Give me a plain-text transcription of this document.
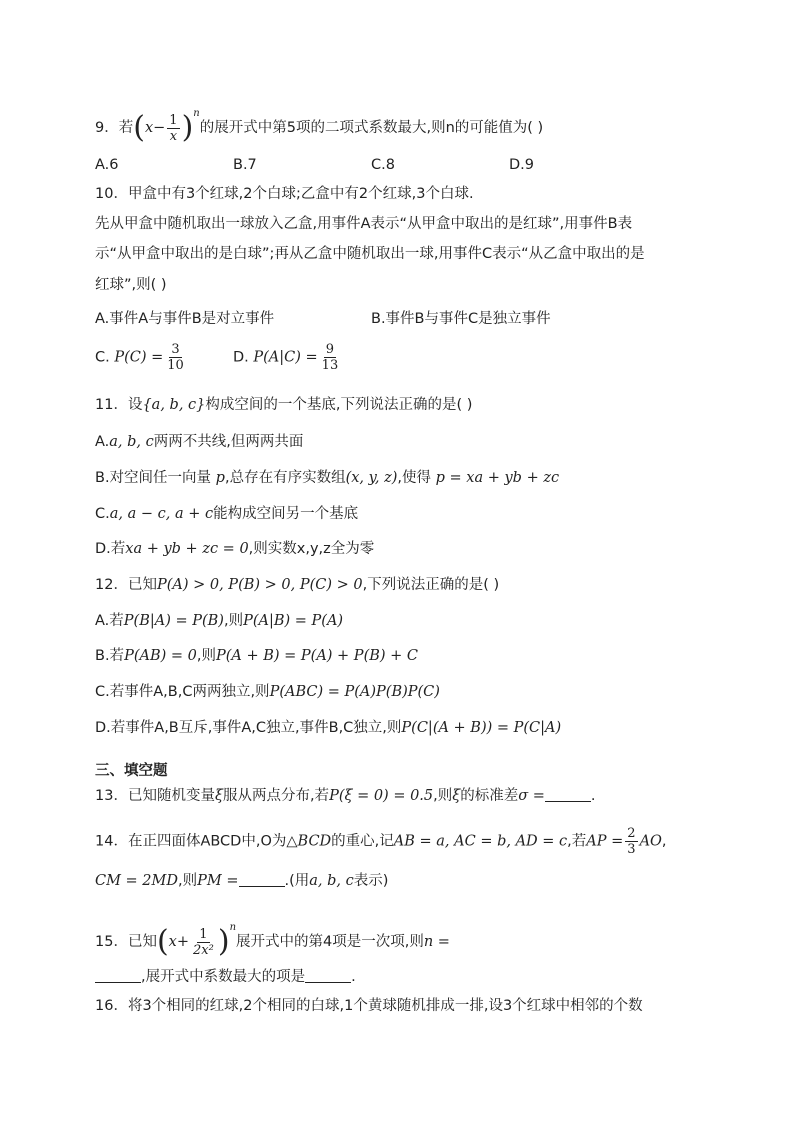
9．若$(x- \frac{1}{x} )^n$的展开式中第5项的二项式系数最大,则n的可能值为( )
A.6	B.7	C.8	D.9
10．甲盒中有3个红球,2个白球;乙盒中有2个红球,3个白球.
先从甲盒中随机取出一球放入乙盒,用事件A表示“从甲盒中取出的是红球”,用事件B表
示“从甲盒中取出的是白球”;再从乙盒中随机取出一球,用事件C表示“从乙盒中取出的是
红球”,则( )
A.事件A与事件B是对立事件	B.事件B与事件C是独立事件
C. $P(C) = \frac{3}{10}$	D. $P(A|C) = \frac{9}{13}$
11．设{a, b, c}构成空间的一个基底,下列说法正确的是( )
A.a, b, c两两不共线,但两两共面
B.对空间任一向量 p,总存在有序实数组(x, y, z),使得 p = xa + yb + zc
C.a, a − c, a + c能构成空间另一个基底
D.若xa + yb + zc = 0,则实数x,y,z全为零
12．已知P(A) > 0, P(B) > 0, P(C) > 0,下列说法正确的是( )
A.若P(B|A) = P(B),则P(A|B) = P(A)
B.若P(AB) = 0,则P(A + B) = P(A) + P(B) + C
C.若事件A,B,C两两独立,则P(ABC) = P(A)P(B)P(C)
D.若事件A,B互斥,事件A,C独立,事件B,C独立,则P(C|(A + B)) = P(C|A)
三、填空题
13．已知随机变量ξ服从两点分布,若P(ξ = 0) = 0.5,则ξ的标准差σ =	.
14．在正四面体ABCD中,O为△BCD的重心,记AB = a, AC = b, AD = c,若AP = $\frac{2}{3}$ AO,
CM = 2MD,则PM =	.(用a, b, c表示)
15．已知$(x+ \frac{1}{\text{2x²}} )^n$展开式中的第4项是一次项,则n =
,展开式中系数最大的项是	.
16．将3个相同的红球,2个相同的白球,1个黄球随机排成一排,设3个红球中相邻的个数
